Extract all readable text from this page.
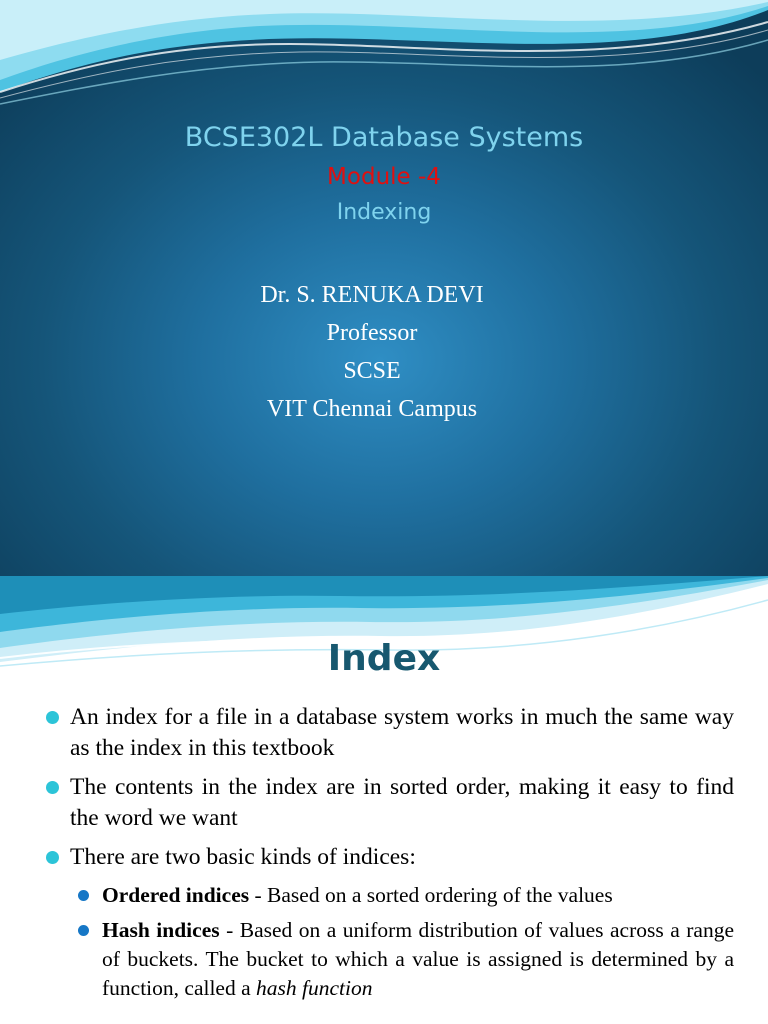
BCSE302L Database Systems
Module -4
Indexing
Dr. S. RENUKA DEVI
Professor
SCSE
VIT Chennai Campus
Index
An index for a file in a database system works in much the same way as the index in this textbook
The contents in the index are in sorted order, making it easy to find the word we want
There are two basic kinds of indices:
Ordered indices - Based on a sorted ordering of the values
Hash indices - Based on a uniform distribution of values across a range of buckets. The bucket to which a value is assigned is determined by a function, called a hash function
